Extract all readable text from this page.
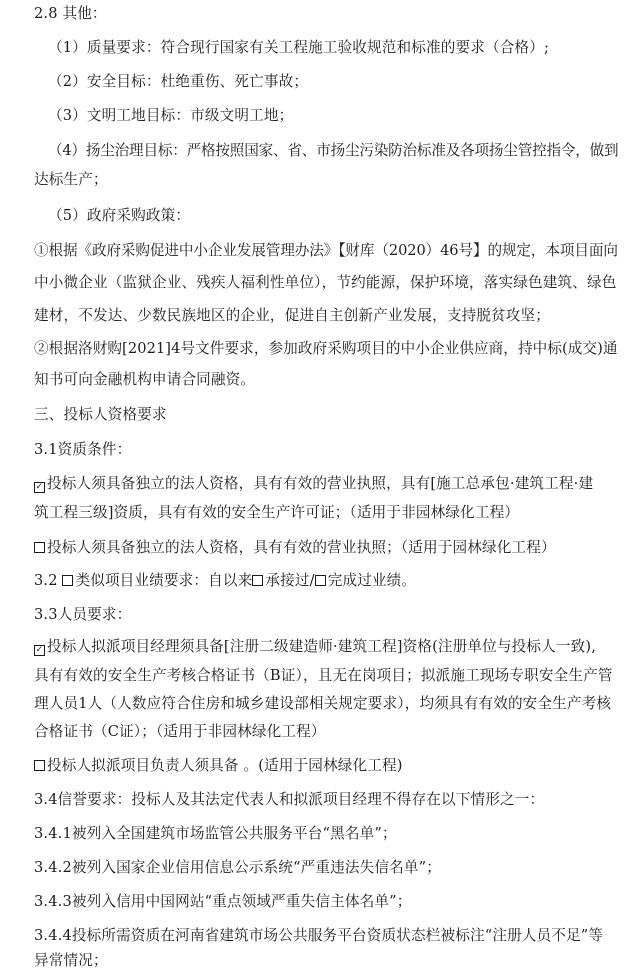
2.8 其他：
（1）质量要求：符合现行国家有关工程施工验收规范和标准的要求（合格）;
（2）安全目标：杜绝重伤、死亡事故；
（3）文明工地目标：市级文明工地；
（4）扬尘治理目标：严格按照国家、省、市扬尘污染防治标准及各项扬尘管控指令，做到
达标生产；
（5）政府采购政策：
①根据《政府采购促进中小企业发展管理办法》【财库（2020）46号】的规定，本项目面向
中小微企业（监狱企业、残疾人福利性单位），节约能源，保护环境，落实绿色建筑、绿色
建材，不发达、少数民族地区的企业，促进自主创新产业发展，支持脱贫攻坚；
②根据洛财购[2021]4号文件要求，参加政府采购项目的中小企业供应商，持中标(成交)通
知书可向金融机构申请合同融资。
三、投标人资格要求
3.1资质条件：
✓ 投标人须具备独立的法人资格，具有有效的营业执照，具有[施工总承包·建筑工程·建
筑工程三级]资质，具有有效的安全生产许可证；（适用于非园林绿化工程）
投标人须具备独立的法人资格，具有有效的营业执照；（适用于园林绿化工程）
3.2 类似项目业绩要求：自以来 承接过/ 完成过业绩。
3.3人员要求：
✓ 投标人拟派项目经理须具备[注册二级建造师·建筑工程]资格(注册单位与投标人一致),
具有有效的安全生产考核合格证书（B证），且无在岗项目；拟派施工现场专职安全生产管
理人员1人（人数应符合住房和城乡建设部相关规定要求），均须具有有效的安全生产考核
合格证书（C证）；（适用于非园林绿化工程）
投标人拟派项目负责人须具备 。(适用于园林绿化工程)
3.4信誉要求：投标人及其法定代表人和拟派项目经理不得存在以下情形之一：
3.4.1被列入全国建筑市场监管公共服务平台“黑名单”；
3.4.2被列入国家企业信用信息公示系统“严重违法失信名单”；
3.4.3被列入信用中国网站“重点领域严重失信主体名单”；
3.4.4投标所需资质在河南省建筑市场公共服务平台资质状态栏被标注“注册人员不足”等
异常情况；
